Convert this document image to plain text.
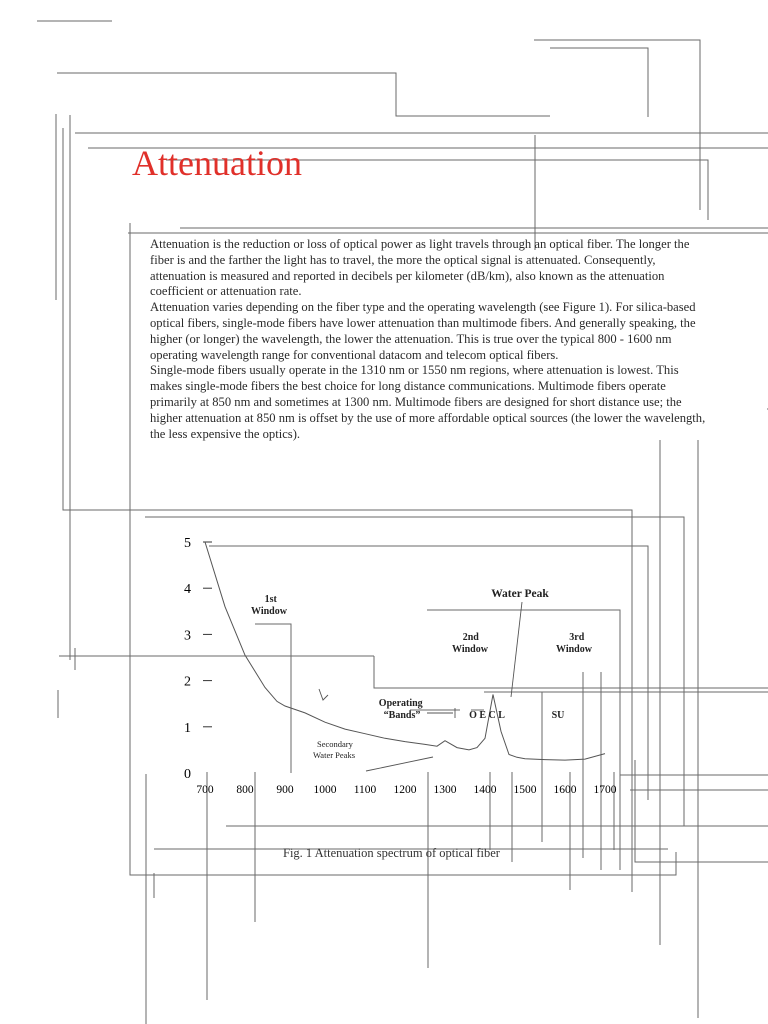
Attenuation

Attenuation is the reduction or loss of optical power as light travels through an optical fiber. The longer the fiber is and the farther the light has to travel, the more the optical signal is attenuated. Consequently, attenuation is measured and reported in decibels per kilometer (dB/km), also known as the attenuation coefficient or attenuation rate.

Attenuation varies depending on the fiber type and the operating wavelength (see Figure 1). For silica-based optical fibers, single-mode fibers have lower attenuation than multimode fibers. And generally speaking, the higher (or longer) the wavelength, the lower the attenuation. This is true over the typical 800 - 1600 nm operating wavelength range for conventional datacom and telecom optical fibers.

Single-mode fibers usually operate in the 1310 nm or 1550 nm regions, where attenuation is lowest. This makes single-mode fibers the best choice for long distance communications. Multimode fibers operate primarily at 850 nm and sometimes at 1300 nm. Multimode fibers are designed for short distance use; the higher attenuation at 850 nm is offset by the use of more affordable optical sources (the lower the wavelength, the less expensive the optics).

0
1
2
3
4
5
700 800 900 1000 1100 1200 1300 1400 1500 1600 1700
1st Window
Water Peak
2nd Window
3rd Window
Operating “Bands”	O E C L	SU
Secondary Water Peaks
Fig. 1 Attenuation spectrum of optical fiber
